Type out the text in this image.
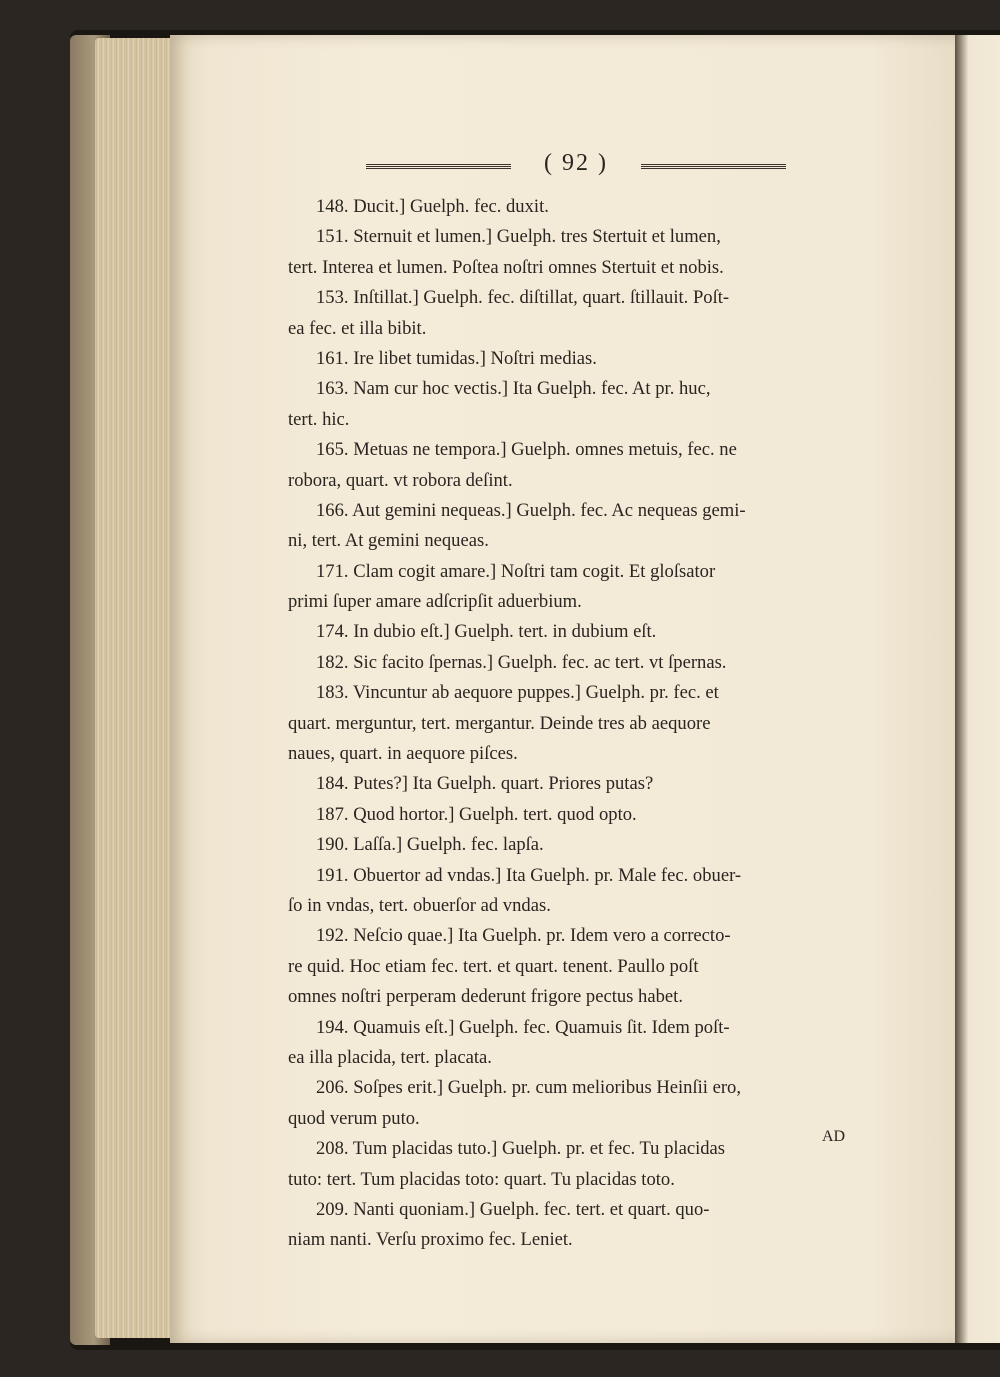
( 92 )
148. Ducit.] Guelph. fec. duxit.
151. Sternuit et lumen.] Guelph. tres Stertuit et lumen,
tert. Interea et lumen. Poſtea noſtri omnes Stertuit et nobis.
153. Inſtillat.] Guelph. fec. diſtillat, quart. ſtillauit. Poſt-
ea fec. et illa bibit.
161. Ire libet tumidas.] Noſtri medias.
163. Nam cur hoc vectis.] Ita Guelph. fec. At pr. huc,
tert. hic.
165. Metuas ne tempora.] Guelph. omnes metuis, fec. ne
robora, quart. vt robora deſint.
166. Aut gemini nequeas.] Guelph. fec. Ac nequeas gemi-
ni, tert. At gemini nequeas.
171. Clam cogit amare.] Noſtri tam cogit. Et gloſsator
primi ſuper amare adſcripſit aduerbium.
174. In dubio eſt.] Guelph. tert. in dubium eſt.
182. Sic facito ſpernas.] Guelph. fec. ac tert. vt ſpernas.
183. Vincuntur ab aequore puppes.] Guelph. pr. fec. et
quart. merguntur, tert. mergantur. Deinde tres ab aequore
naues, quart. in aequore piſces.
184. Putes?] Ita Guelph. quart. Priores putas?
187. Quod hortor.] Guelph. tert. quod opto.
190. Laſſa.] Guelph. fec. lapſa.
191. Obuertor ad vndas.] Ita Guelph. pr. Male fec. obuer-
ſo in vndas, tert. obuerſor ad vndas.
192. Neſcio quae.] Ita Guelph. pr. Idem vero a correcto-
re quid. Hoc etiam fec. tert. et quart. tenent. Paullo poſt
omnes noſtri perperam dederunt frigore pectus habet.
194. Quamuis eſt.] Guelph. fec. Quamuis ſit. Idem poſt-
ea illa placida, tert. placata.
206. Soſpes erit.] Guelph. pr. cum melioribus Heinſii ero,
quod verum puto.
208. Tum placidas tuto.] Guelph. pr. et fec. Tu placidas
tuto: tert. Tum placidas toto: quart. Tu placidas toto.
209. Nanti quoniam.] Guelph. fec. tert. et quart. quo-
niam nanti. Verſu proximo fec. Leniet.
AD
